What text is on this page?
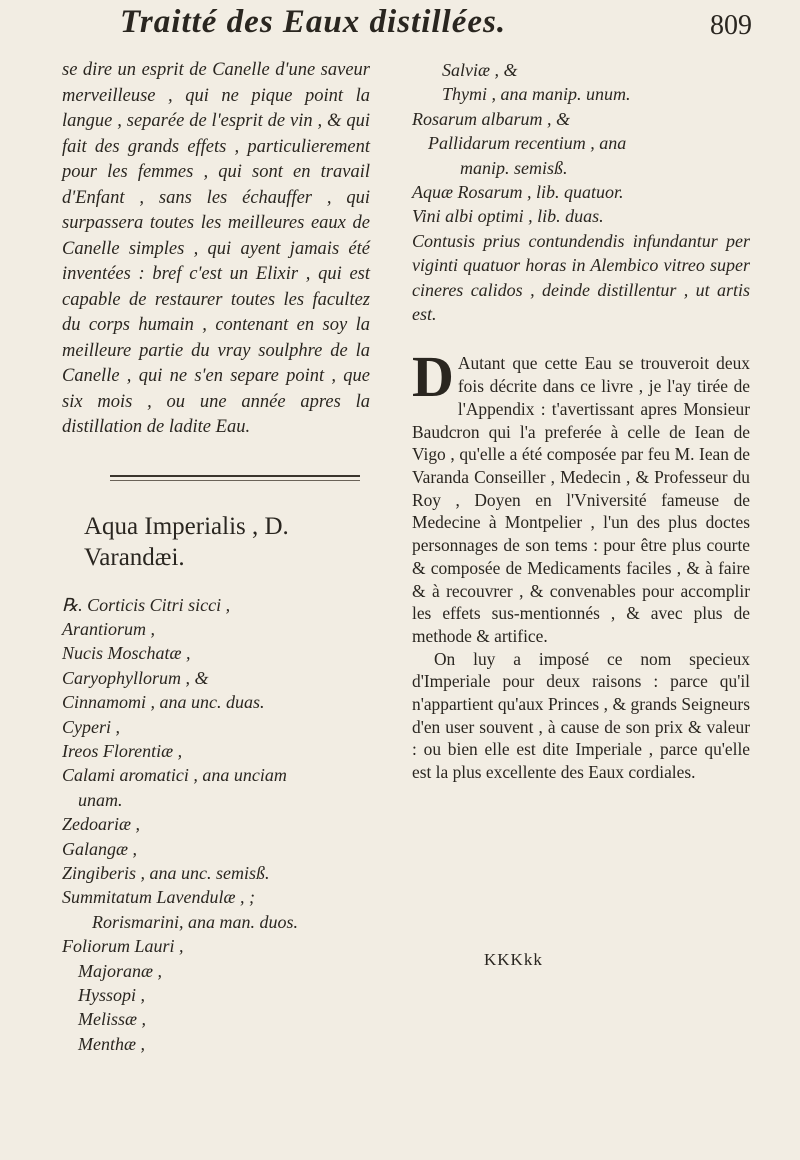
Traitté des Eaux distillées.	809

se dire un esprit de Canelle d'une saveur merveilleuse , qui ne pique point la langue , separée de l'esprit de vin , & qui fait des grands effets , particulierement pour les femmes , qui sont en travail d'Enfant , sans les échauffer , qui surpassera toutes les meilleures eaux de Canelle simples , qui ayent jamais été inventées : bref c'est un Elixir , qui est capable de restaurer toutes les facultez du corps humain , contenant en soy la meilleure partie du vray soulphre de la Canelle , qui ne s'en separe point , que six mois , ou une année apres la distillation de ladite Eau.

Aqua Imperialis , D. Varandæi.
℞. Corticis Citri sicci ,
Arantiorum ,
Nucis Moschatæ ,
Caryophyllorum , &
Cinnamomi , ana unc. duas.
Cyperi ,
Ireos Florentiæ ,
Calami aromatici , ana unciam
unam.
Zedoariæ ,
Galangæ ,
Zingiberis , ana unc. semisß.
Summitatum Lavendulæ , ;
Rorismarini, ana man. duos.
Foliorum Lauri ,
Majoranæ ,
Hyssopi ,
Melissæ ,
Menthæ ,
Salviæ , &
Thymi , ana manip. unum.
Rosarum albarum , &
Pallidarum recentium , ana
manip. semisß.
Aquæ Rosarum , lib. quatuor.
Vini albi optimi , lib. duas.
Contusis prius contundendis infundantur per viginti quatuor horas in Alembico vitreo super cineres calidos , deinde distillentur , ut artis est.

D Autant que cette Eau se trouveroit deux fois décrite dans ce livre , je l'ay tirée de l'Appendix : t'avertissant apres Monsieur Baudcron qui l'a preferée à celle de Iean de Vigo , qu'elle a été composée par feu M. Iean de Varanda Conseiller , Medecin , & Professeur du Roy , Doyen en l'Vniversité fameuse de Medecine à Montpelier , l'un des plus doctes personnages de son tems : pour être plus courte & composée de Medicaments faciles , & à faire & à recouvrer , & convenables pour accomplir les effets sus-mentionnés , & avec plus de methode & artifice.

On luy a imposé ce nom specieux d'Imperiale pour deux raisons : parce qu'il n'appartient qu'aux Princes , & grands Seigneurs d'en user souvent , à cause de son prix & valeur : ou bien elle est dite Imperiale , parce qu'elle est la plus excellente des Eaux cordiales.

KKKkk
